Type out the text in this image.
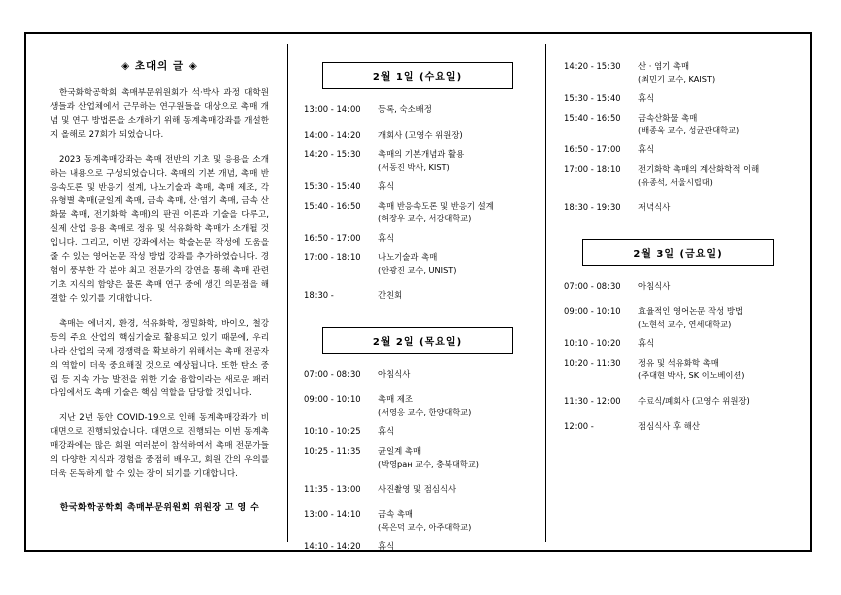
◈ 초대의 글 ◈

한국화학공학회 촉매부문위원회가 석·박사 과정 대학원생들과 산업체에서 근무하는 연구원들을 대상으로 촉매 개념 및 연구 방법론을 소개하기 위해 동계촉매강좌를 개설한 지 올해로 27회가 되었습니다.

2023 동계촉매강좌는 촉매 전반의 기초 및 응용을 소개하는 내용으로 구성되었습니다. 촉매의 기본 개념, 촉매 반응속도론 및 반응기 설계, 나노기술과 촉매, 촉매 제조, 각 유형별 촉매(균일계 촉매, 금속 촉매, 산·염기 촉매, 금속 산화물 촉매, 전기화학 촉매)의 판권 이론과 기술을 다루고, 실제 산업 응용 촉매로 정유 및 석유화학 촉매가 소개될 것입니다. 그리고, 이번 강좌에서는 학술논문 작성에 도움을 줄 수 있는 영어논문 작성 방법 강좌를 추가하였습니다. 경험이 풍부한 각 분야 최고 전문가의 강연을 통해 촉매 관련 기초 지식의 함양은 물론 촉매 연구 중에 생긴 의문점을 해결할 수 있기를 기대합니다.

촉매는 에너지, 환경, 석유화학, 정밀화학, 바이오, 철강 등의 주요 산업의 핵심기술로 활용되고 있기 때문에, 우리나라 산업의 국제 경쟁력을 확보하기 위해서는 촉매 전공자의 역할이 더욱 중요해질 것으로 예상됩니다. 또한 탄소 중립 등 지속 가능 발전을 위한 기술 융합이라는 새로운 패러다임에서도 촉매 기술은 핵심 역할을 담당할 것입니다.

지난 2년 동안 COVID-19으로 인해 동계촉매강좌가 비대면으로 진행되었습니다. 대면으로 진행되는 이번 동계촉매강좌에는 많은 회원 여러분이 참석하여서 촉매 전문가들의 다양한 지식과 경험을 중점히 배우고, 회원 간의 우의를 더욱 돈독하게 할 수 있는 장이 되기를 기대합니다.

한국화학공학회 촉매부문위원회 위원장 고 영 수
2월 1일 (수요일)
13:00 - 14:00	등록, 숙소배정
14:00 - 14:20	개회사 (고영수 위원장)
14:20 - 15:30	촉매의 기본개념과 활용
(서동진 박사, KIST)

15:30 - 15:40	휴식
15:40 - 16:50	촉매 반응속도론 및 반응기 설계
(허장우 교수, 서강대학교)

16:50 - 17:00	휴식
17:00 - 18:10	나노기술과 촉매
(안광진 교수, UNIST)

18:30 -	간친회
2월 2일 (목요일)
07:00 - 08:30	아침식사
09:00 - 10:10	촉매 제조
(서영응 교수, 한양대학교)

10:10 - 10:25	휴식
10:25 - 11:35	균일계 촉매
(박영ран 교수, 충북대학교)

11:35 - 13:00	사진촬영 및 점심식사
13:00 - 14:10	금속 촉매
(목은덕 교수, 아주대학교)

14:10 - 14:20	휴식
14:20 - 15:30	산 · 염기 촉매
(최민기 교수, KAIST)

15:30 - 15:40	휴식
15:40 - 16:50	금속산화물 촉매
(배종욱 교수, 성균관대학교)

16:50 - 17:00	휴식
17:00 - 18:10	전기화학 촉매의 계산화학적 이해
(유종석, 서울시립대)

18:30 - 19:30	저녁식사
2월 3일 (금요일)
07:00 - 08:30	아침식사
09:00 - 10:10	효율적인 영어논문 작성 방법
(노현석 교수, 연세대학교)

10:10 - 10:20	휴식
10:20 - 11:30	정유 및 석유화학 촉매
(주대현 박사, SK 이노베이션)

11:30 - 12:00	수료식/폐회사 (고영수 위원장)
12:00 -	점심식사 후 해산
